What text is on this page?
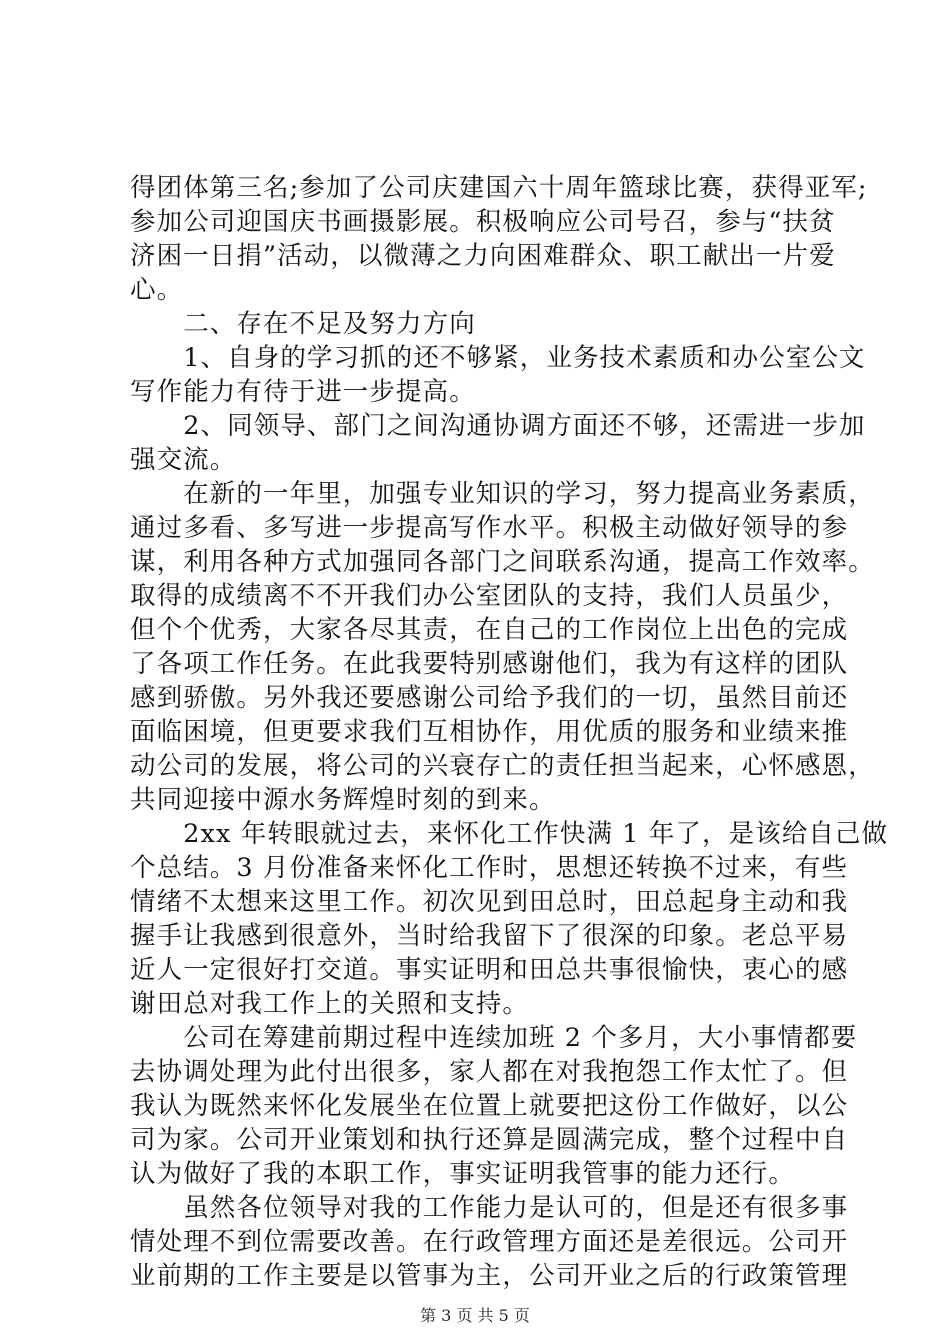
得团体第三名;参加了公司庆建国六十周年篮球比赛，获得亚军;
参加公司迎国庆书画摄影展。积极响应公司号召，参与“扶贫
济困一日捐”活动，以微薄之力向困难群众、职工献出一片爱
心。
　　二、存在不足及努力方向
　　1、自身的学习抓的还不够紧，业务技术素质和办公室公文
写作能力有待于进一步提高。
　　2、同领导、部门之间沟通协调方面还不够，还需进一步加
强交流。
　　在新的一年里，加强专业知识的学习，努力提高业务素质，
通过多看、多写进一步提高写作水平。积极主动做好领导的参
谋，利用各种方式加强同各部门之间联系沟通，提高工作效率。
取得的成绩离不不开我们办公室团队的支持，我们人员虽少，
但个个优秀，大家各尽其责，在自己的工作岗位上出色的完成
了各项工作任务。在此我要特别感谢他们，我为有这样的团队
感到骄傲。另外我还要感谢公司给予我们的一切，虽然目前还
面临困境，但更要求我们互相协作，用优质的服务和业绩来推
动公司的发展，将公司的兴衰存亡的责任担当起来，心怀感恩，
共同迎接中源水务辉煌时刻的到来。
　　2xx 年转眼就过去，来怀化工作快满 1 年了，是该给自己做
个总结。3 月份准备来怀化工作时，思想还转换不过来，有些
情绪不太想来这里工作。初次见到田总时，田总起身主动和我
握手让我感到很意外，当时给我留下了很深的印象。老总平易
近人一定很好打交道。事实证明和田总共事很愉快，衷心的感
谢田总对我工作上的关照和支持。
　　公司在筹建前期过程中连续加班 2 个多月，大小事情都要
去协调处理为此付出很多，家人都在对我抱怨工作太忙了。但
我认为既然来怀化发展坐在位置上就要把这份工作做好，以公
司为家。公司开业策划和执行还算是圆满完成，整个过程中自
认为做好了我的本职工作，事实证明我管事的能力还行。
　　虽然各位领导对我的工作能力是认可的，但是还有很多事
情处理不到位需要改善。在行政管理方面还是差很远。公司开
第 3 页 共 5 页
业前期的工作主要是以管事为主，公司开业之后的行政策管理
